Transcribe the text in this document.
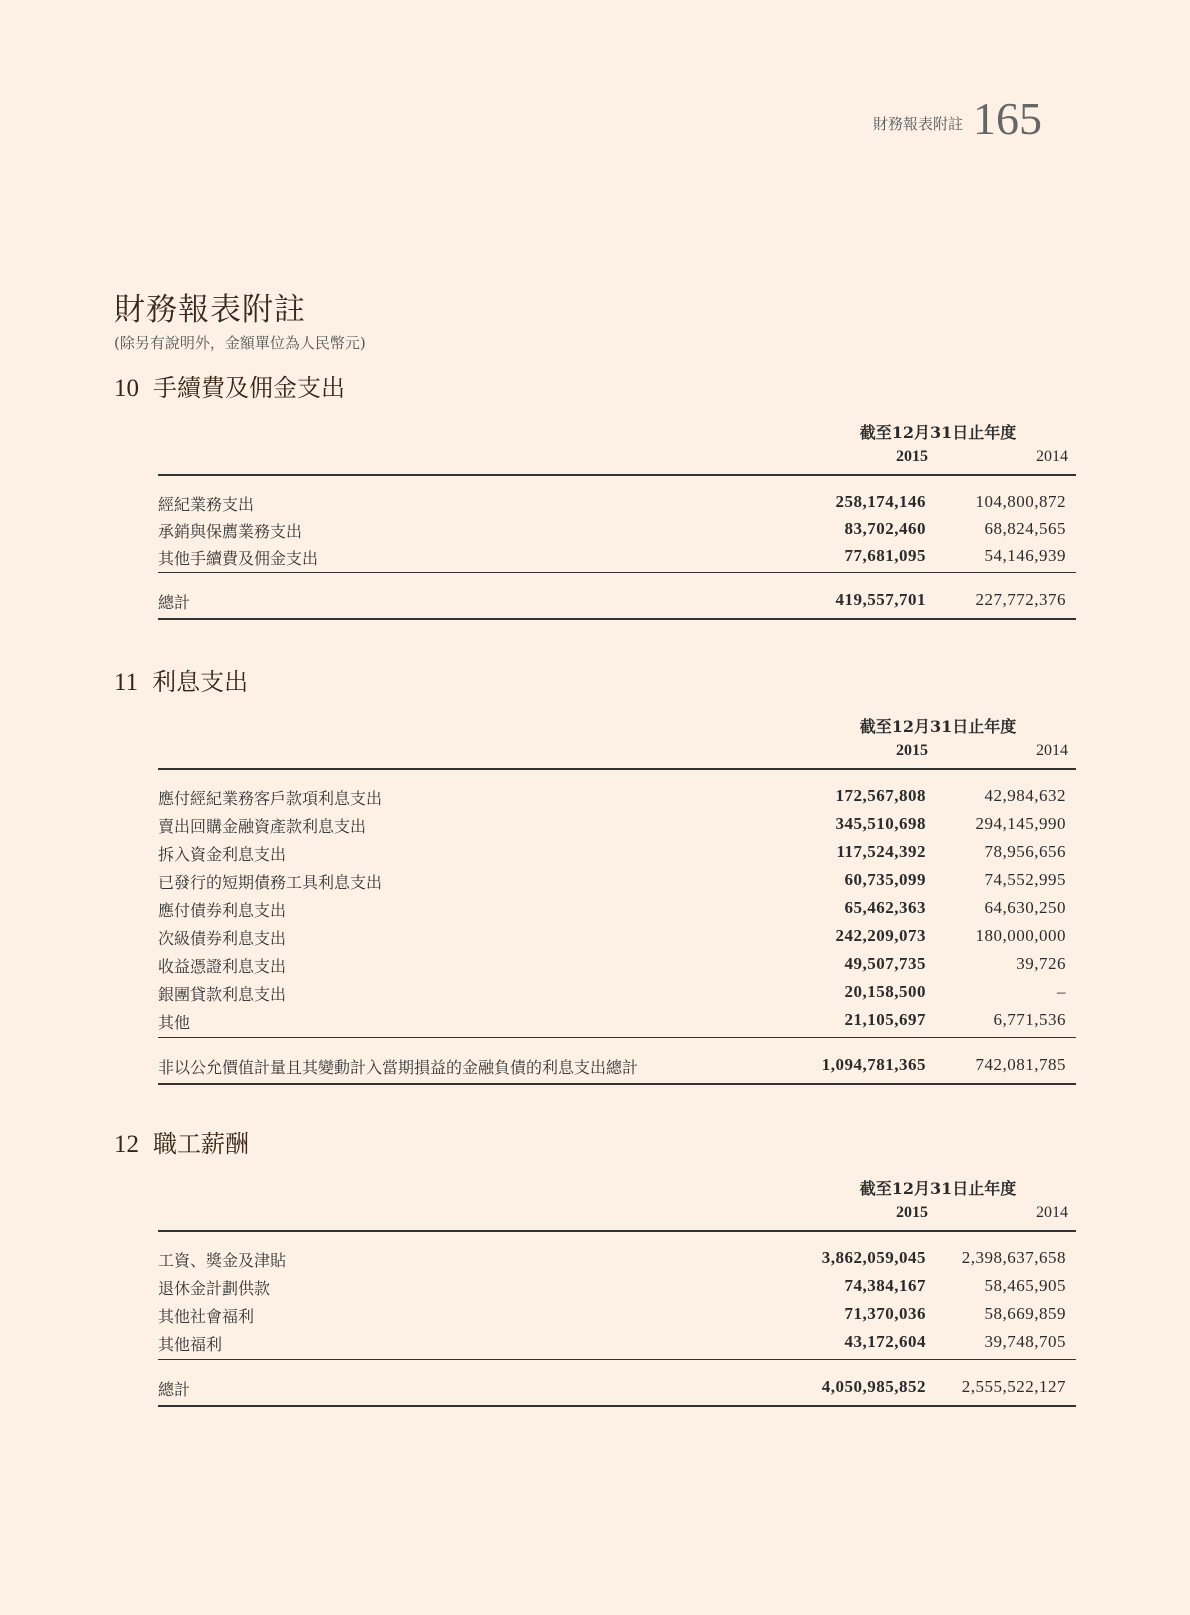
財務報表附註 165
財務報表附註
(除另有說明外，金額單位為人民幣元)
10 手續費及佣金支出
截至12月31日止年度
2015	2014
經紀業務支出	258,174,146	104,800,872
承銷與保薦業務支出	83,702,460	68,824,565
其他手續費及佣金支出	77,681,095	54,146,939
總計	419,557,701	227,772,376
11 利息支出
截至12月31日止年度
2015	2014
應付經紀業務客戶款項利息支出	172,567,808	42,984,632
賣出回購金融資產款利息支出	345,510,698	294,145,990
拆入資金利息支出	117,524,392	78,956,656
已發行的短期債務工具利息支出	60,735,099	74,552,995
應付債券利息支出	65,462,363	64,630,250
次級債券利息支出	242,209,073	180,000,000
收益憑證利息支出	49,507,735	39,726
銀團貸款利息支出	20,158,500	–
其他	21,105,697	6,771,536
非以公允價值計量且其變動計入當期損益的金融負債的利息支出總計	1,094,781,365	742,081,785
12 職工薪酬
截至12月31日止年度
2015	2014
工資、獎金及津貼	3,862,059,045 2,398,637,658
退休金計劃供款	74,384,167	58,465,905
其他社會福利	71,370,036	58,669,859
其他福利	43,172,604	39,748,705
總計	4,050,985,852 2,555,522,127
